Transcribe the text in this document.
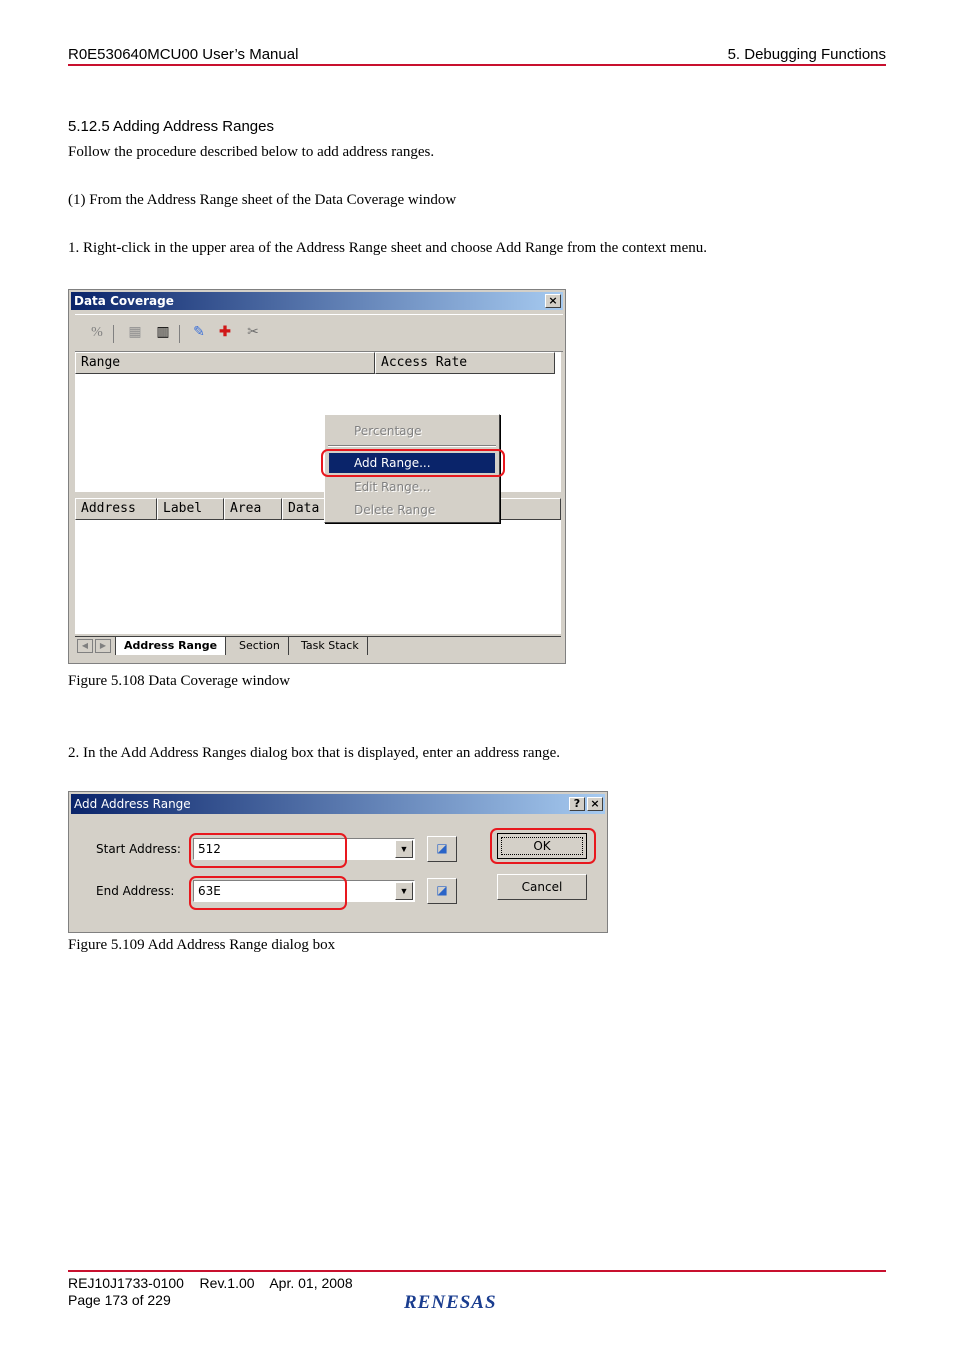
R0E530640MCU00 User’s Manual	5. Debugging Functions
5.12.5 Adding Address Ranges
Follow the procedure described below to add address ranges.
(1) From the Address Range sheet of the Data Coverage window
1. Right-click in the upper area of the Address Range sheet and choose Add Range from the context menu.
Data Coverage	×
% ▦ ▥ ✎ ✚ ✂
Range	Access Rate
Address	Label	Area	Data
◀	▶	Address Range	Section	Task Stack
Percentage
Add Range...
Edit Range...
Delete Range
Figure 5.108 Data Coverage window
2. In the Add Address Ranges dialog box that is displayed, enter an address range.
Add Address Range	? ×
Start Address:	512	▼	◪
End Address:	63E	▼	◪
OK
Cancel
Figure 5.109 Add Address Range dialog box
REJ10J1733-0100 Rev.1.00 Apr. 01, 2008
Page 173 of 229	RENESAS
